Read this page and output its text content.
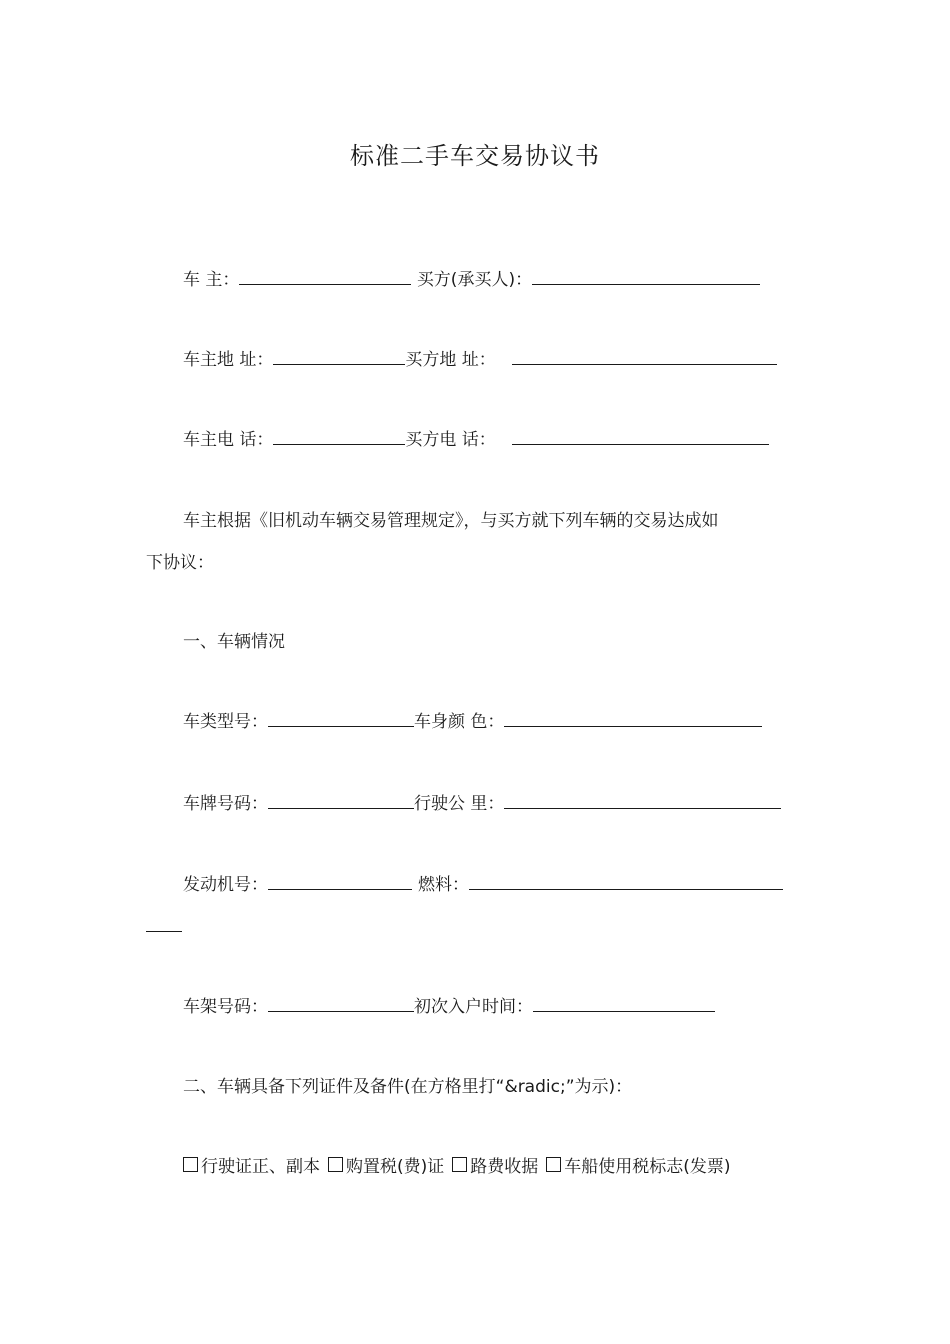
标准二手车交易协议书
车 主：	买方(承买人)：
车主地 址：	买方地 址：
车主电 话：	买方电 话：
车主根据《旧机动车辆交易管理规定》，与买方就下列车辆的交易达成如
下协议：
一、车辆情况
车类型号：	车身颜 色：
车牌号码：	行驶公 里：
发动机号：	燃料：
车架号码：	初次入户时间：
二、车辆具备下列证件及备件(在方格里打“&radic;”为示)：
行驶证正、副本 购置税(费)证 路费收据 车船使用税标志(发票)
